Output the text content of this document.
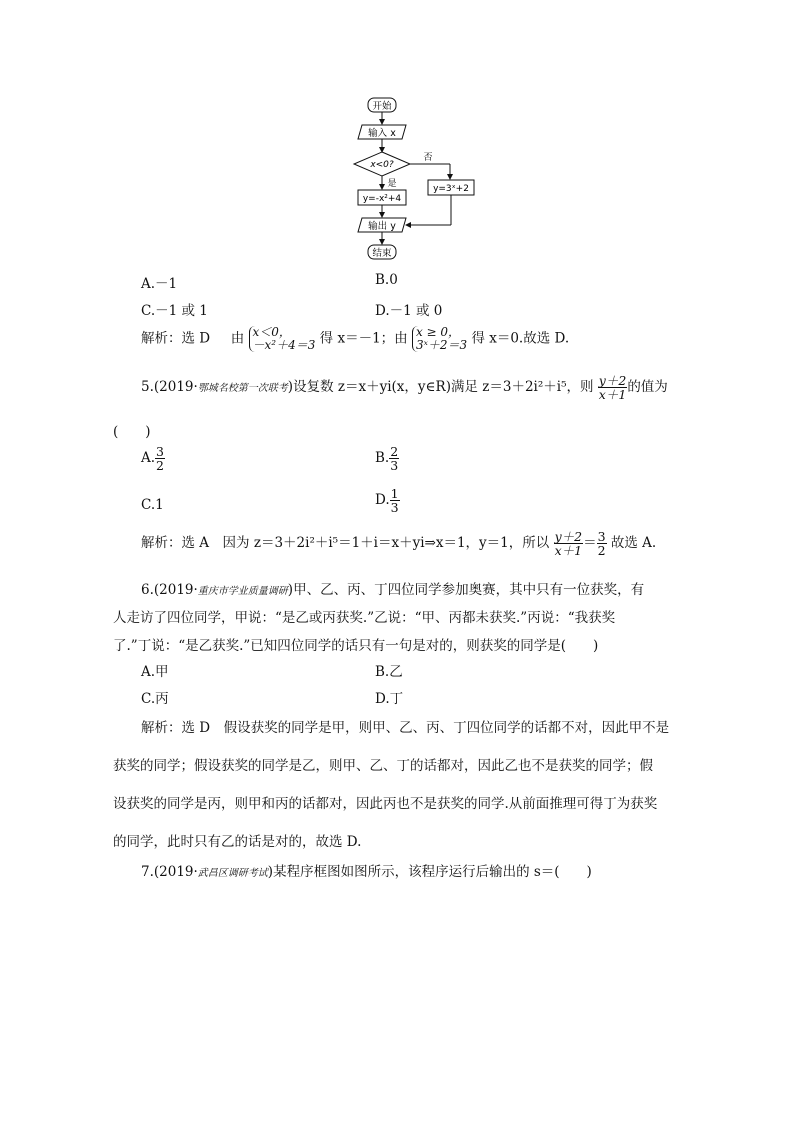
开始
输入 x
x<0?
否
y=3ˣ+2
是
y=-x²+4
输出 y
结束
A.－1	B.0
C.－1 或 1	D.－1 或 0
解析：选 D 由 x＜0，
－x²＋4＝3 得 x＝－1；由 x ≥ 0，
3ˣ＋2＝3 得 x＝0.故选 D.
5.(2019·鄂城名校第一次联考)设复数 z＝x＋yi(x，y∈R)满足 z＝3＋2i²＋i⁵，则 $\frac{y+2}{x+1}$ 的值为
(　　)
A. $\frac{3}{2}$	B. $\frac{2}{3}$
C.1	D. $\frac{1}{3}$
解析：选 A　因为 z＝3＋2i²＋i⁵＝1＋i＝x＋yi⇒x＝1，y＝1，所以 $\frac{y+2}{x+1} = \frac{3}{2}$ 故选 A.
6.(2019·重庆市学业质量调研)甲、乙、丙、丁四位同学参加奥赛，其中只有一位获奖，有
人走访了四位同学，甲说：“是乙或丙获奖.”乙说：“甲、丙都未获奖.”丙说：“我获奖
了.”丁说：“是乙获奖.”已知四位同学的话只有一句是对的，则获奖的同学是(　　)
A.甲	B.乙
C.丙	D.丁
解析：选 D　假设获奖的同学是甲，则甲、乙、丙、丁四位同学的话都不对，因此甲不是
获奖的同学；假设获奖的同学是乙，则甲、乙、丁的话都对，因此乙也不是获奖的同学；假
设获奖的同学是丙，则甲和丙的话都对，因此丙也不是获奖的同学.从前面推理可得丁为获奖
的同学，此时只有乙的话是对的，故选 D.
7.(2019·武昌区调研考试)某程序框图如图所示，该程序运行后输出的 s＝(　　)
